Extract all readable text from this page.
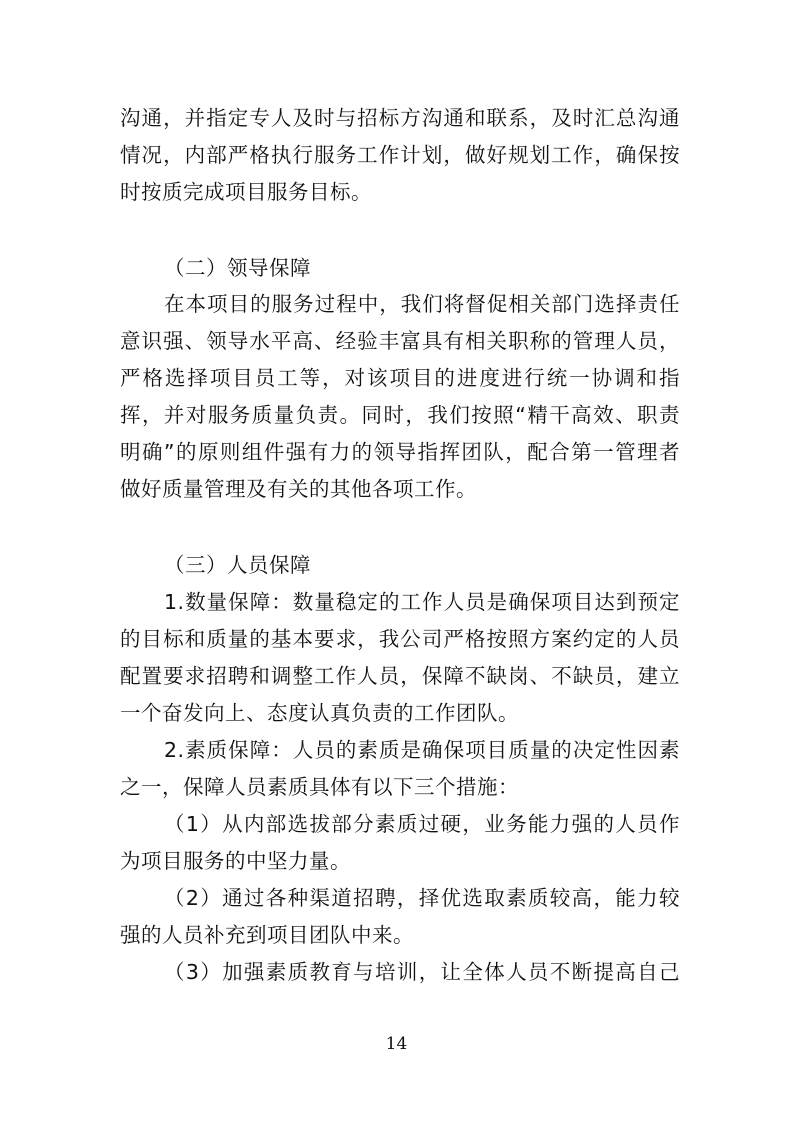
沟通，并指定专人及时与招标方沟通和联系，及时汇总沟通
情况，内部严格执行服务工作计划，做好规划工作，确保按
时按质完成项目服务目标。
（二）领导保障
在本项目的服务过程中，我们将督促相关部门选择责任
意识强、领导水平高、经验丰富具有相关职称的管理人员，
严格选择项目员工等，对该项目的进度进行统一协调和指
挥，并对服务质量负责。同时，我们按照“精干高效、职责
明确”的原则组件强有力的领导指挥团队，配合第一管理者
做好质量管理及有关的其他各项工作。
（三）人员保障
1.数量保障：数量稳定的工作人员是确保项目达到预定
的目标和质量的基本要求，我公司严格按照方案约定的人员
配置要求招聘和调整工作人员，保障不缺岗、不缺员，建立
一个奋发向上、态度认真负责的工作团队。
2.素质保障：人员的素质是确保项目质量的决定性因素
之一，保障人员素质具体有以下三个措施：
（1）从内部选拔部分素质过硬，业务能力强的人员作
为项目服务的中坚力量。
（2）通过各种渠道招聘，择优选取素质较高，能力较
强的人员补充到项目团队中来。
（3）加强素质教育与培训，让全体人员不断提高自己
14
